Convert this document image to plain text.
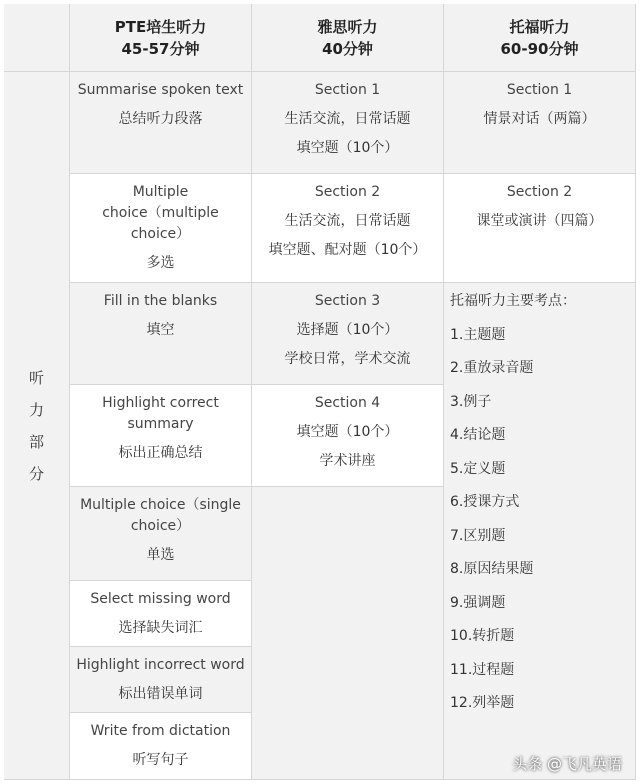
PTE培生听力
45-57分钟
雅思听力
40分钟
托福听力
60-90分钟
听
力
部
分
Summarise spoken text
总结听力段落
Multiple
choice（multiple
choice）
多选
Fill in the blanks
填空
Highlight correct
summary
标出正确总结
Multiple choice（single
choice）
单选
Select missing word
选择缺失词汇
Highlight incorrect word
标出错误单词
Write from dictation
听写句子
Section 1
生活交流，日常话题
填空题（10个）
Section 2
生活交流，日常话题
填空题、配对题（10个）
Section 3
选择题（10个）
学校日常，学术交流
Section 4
填空题（10个）
学术讲座
Section 1
情景对话（两篇）
Section 2
课堂或演讲（四篇）
托福听力主要考点：
1.主题题
2.重放录音题
3.例子
4.结论题
5.定义题
6.授课方式
7.区别题
8.原因结果题
9.强调题
10.转折题
11.过程题
12.列举题
头条 @飞凡英语
